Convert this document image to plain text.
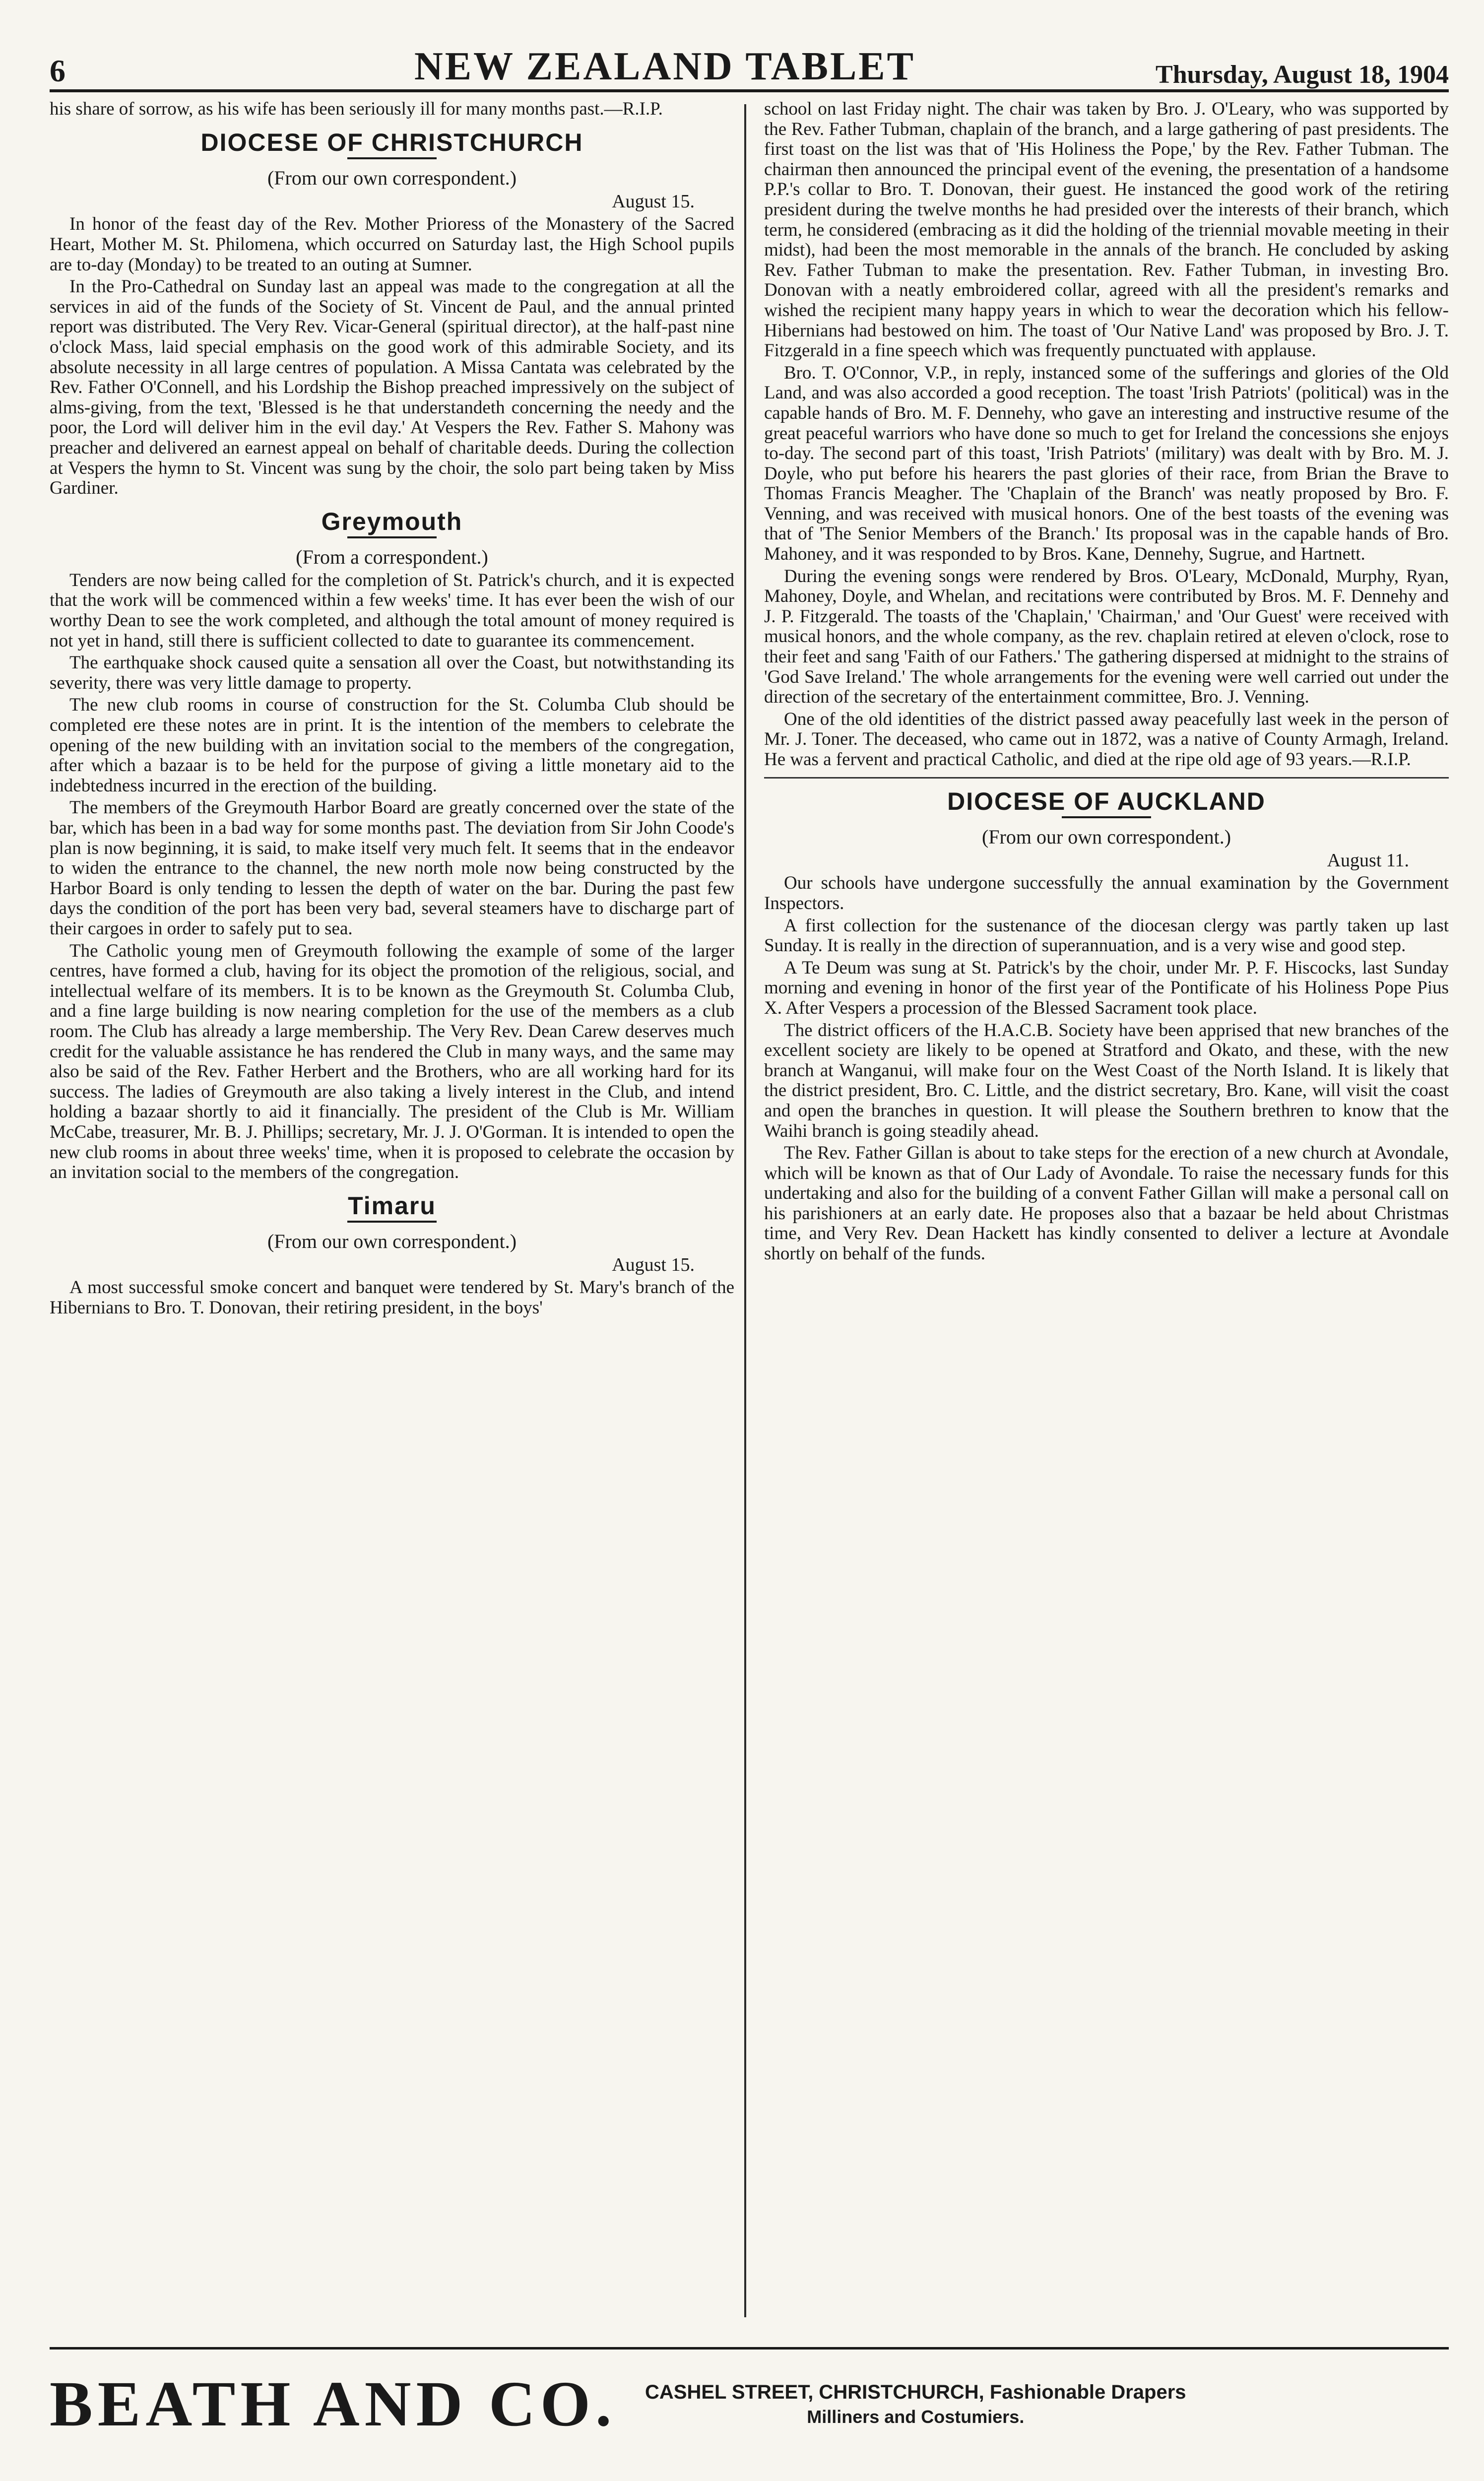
6	NEW ZEALAND TABLET	Thursday, August 18, 1904

his share of sorrow, as his wife has been seriously ill for many months past.—R.I.P.

DIOCESE OF CHRISTCHURCH
(From our own correspondent.)
August 15.

In honor of the feast day of the Rev. Mother Prioress of the Monastery of the Sacred Heart, Mother M. St. Philomena, which occurred on Saturday last, the High School pupils are to-day (Monday) to be treated to an outing at Sumner.

In the Pro-Cathedral on Sunday last an appeal was made to the congregation at all the services in aid of the funds of the Society of St. Vincent de Paul, and the annual printed report was distributed. The Very Rev. Vicar-General (spiritual director), at the half-past nine o'clock Mass, laid special emphasis on the good work of this admirable Society, and its absolute necessity in all large centres of population. A Missa Cantata was celebrated by the Rev. Father O'Connell, and his Lordship the Bishop preached impressively on the subject of alms-giving, from the text, 'Blessed is he that understandeth concerning the needy and the poor, the Lord will deliver him in the evil day.' At Vespers the Rev. Father S. Mahony was preacher and delivered an earnest appeal on behalf of charitable deeds. During the collection at Vespers the hymn to St. Vincent was sung by the choir, the solo part being taken by Miss Gardiner.

Greymouth
(From a correspondent.)

Tenders are now being called for the completion of St. Patrick's church, and it is expected that the work will be commenced within a few weeks' time. It has ever been the wish of our worthy Dean to see the work completed, and although the total amount of money required is not yet in hand, still there is sufficient collected to date to guarantee its commencement.

The earthquake shock caused quite a sensation all over the Coast, but notwithstanding its severity, there was very little damage to property.

The new club rooms in course of construction for the St. Columba Club should be completed ere these notes are in print. It is the intention of the members to celebrate the opening of the new building with an invitation social to the members of the congregation, after which a bazaar is to be held for the purpose of giving a little monetary aid to the indebtedness incurred in the erection of the building.

The members of the Greymouth Harbor Board are greatly concerned over the state of the bar, which has been in a bad way for some months past. The deviation from Sir John Coode's plan is now beginning, it is said, to make itself very much felt. It seems that in the endeavor to widen the entrance to the channel, the new north mole now being constructed by the Harbor Board is only tending to lessen the depth of water on the bar. During the past few days the condition of the port has been very bad, several steamers have to discharge part of their cargoes in order to safely put to sea.

The Catholic young men of Greymouth following the example of some of the larger centres, have formed a club, having for its object the promotion of the religious, social, and intellectual welfare of its members. It is to be known as the Greymouth St. Columba Club, and a fine large building is now nearing completion for the use of the members as a club room. The Club has already a large membership. The Very Rev. Dean Carew deserves much credit for the valuable assistance he has rendered the Club in many ways, and the same may also be said of the Rev. Father Herbert and the Brothers, who are all working hard for its success. The ladies of Greymouth are also taking a lively interest in the Club, and intend holding a bazaar shortly to aid it financially. The president of the Club is Mr. William McCabe, treasurer, Mr. B. J. Phillips; secretary, Mr. J. J. O'Gorman. It is intended to open the new club rooms in about three weeks' time, when it is proposed to celebrate the occasion by an invitation social to the members of the congregation.

Timaru
(From our own correspondent.)
August 15.

A most successful smoke concert and banquet were tendered by St. Mary's branch of the Hibernians to Bro. T. Donovan, their retiring president, in the boys'

school on last Friday night. The chair was taken by Bro. J. O'Leary, who was supported by the Rev. Father Tubman, chaplain of the branch, and a large gathering of past presidents. The first toast on the list was that of 'His Holiness the Pope,' by the Rev. Father Tubman. The chairman then announced the principal event of the evening, the presentation of a handsome P.P.'s collar to Bro. T. Donovan, their guest. He instanced the good work of the retiring president during the twelve months he had presided over the interests of their branch, which term, he considered (embracing as it did the holding of the triennial movable meeting in their midst), had been the most memorable in the annals of the branch. He concluded by asking Rev. Father Tubman to make the presentation. Rev. Father Tubman, in investing Bro. Donovan with a neatly embroidered collar, agreed with all the president's remarks and wished the recipient many happy years in which to wear the decoration which his fellow-Hibernians had bestowed on him. The toast of 'Our Native Land' was proposed by Bro. J. T. Fitzgerald in a fine speech which was frequently punctuated with applause.

Bro. T. O'Connor, V.P., in reply, instanced some of the sufferings and glories of the Old Land, and was also accorded a good reception. The toast 'Irish Patriots' (political) was in the capable hands of Bro. M. F. Dennehy, who gave an interesting and instructive resume of the great peaceful warriors who have done so much to get for Ireland the concessions she enjoys to-day. The second part of this toast, 'Irish Patriots' (military) was dealt with by Bro. M. J. Doyle, who put before his hearers the past glories of their race, from Brian the Brave to Thomas Francis Meagher. The 'Chaplain of the Branch' was neatly proposed by Bro. F. Venning, and was received with musical honors. One of the best toasts of the evening was that of 'The Senior Members of the Branch.' Its proposal was in the capable hands of Bro. Mahoney, and it was responded to by Bros. Kane, Dennehy, Sugrue, and Hartnett.

During the evening songs were rendered by Bros. O'Leary, McDonald, Murphy, Ryan, Mahoney, Doyle, and Whelan, and recitations were contributed by Bros. M. F. Dennehy and J. P. Fitzgerald. The toasts of the 'Chaplain,' 'Chairman,' and 'Our Guest' were received with musical honors, and the whole company, as the rev. chaplain retired at eleven o'clock, rose to their feet and sang 'Faith of our Fathers.' The gathering dispersed at midnight to the strains of 'God Save Ireland.' The whole arrangements for the evening were well carried out under the direction of the secretary of the entertainment committee, Bro. J. Venning.

One of the old identities of the district passed away peacefully last week in the person of Mr. J. Toner. The deceased, who came out in 1872, was a native of County Armagh, Ireland. He was a fervent and practical Catholic, and died at the ripe old age of 93 years.—R.I.P.

DIOCESE OF AUCKLAND
(From our own correspondent.)
August 11.

Our schools have undergone successfully the annual examination by the Government Inspectors.

A first collection for the sustenance of the diocesan clergy was partly taken up last Sunday. It is really in the direction of superannuation, and is a very wise and good step.

A Te Deum was sung at St. Patrick's by the choir, under Mr. P. F. Hiscocks, last Sunday morning and evening in honor of the first year of the Pontificate of his Holiness Pope Pius X. After Vespers a procession of the Blessed Sacrament took place.

The district officers of the H.A.C.B. Society have been apprised that new branches of the excellent society are likely to be opened at Stratford and Okato, and these, with the new branch at Wanganui, will make four on the West Coast of the North Island. It is likely that the district president, Bro. C. Little, and the district secretary, Bro. Kane, will visit the coast and open the branches in question. It will please the Southern brethren to know that the Waihi branch is going steadily ahead.

The Rev. Father Gillan is about to take steps for the erection of a new church at Avondale, which will be known as that of Our Lady of Avondale. To raise the necessary funds for this undertaking and also for the building of a convent Father Gillan will make a personal call on his parishioners at an early date. He proposes also that a bazaar be held about Christmas time, and Very Rev. Dean Hackett has kindly consented to deliver a lecture at Avondale shortly on behalf of the funds.

BEATH AND CO.	CASHEL STREET, CHRISTCHURCH, Fashionable Drapers
Milliners and Costumiers.
